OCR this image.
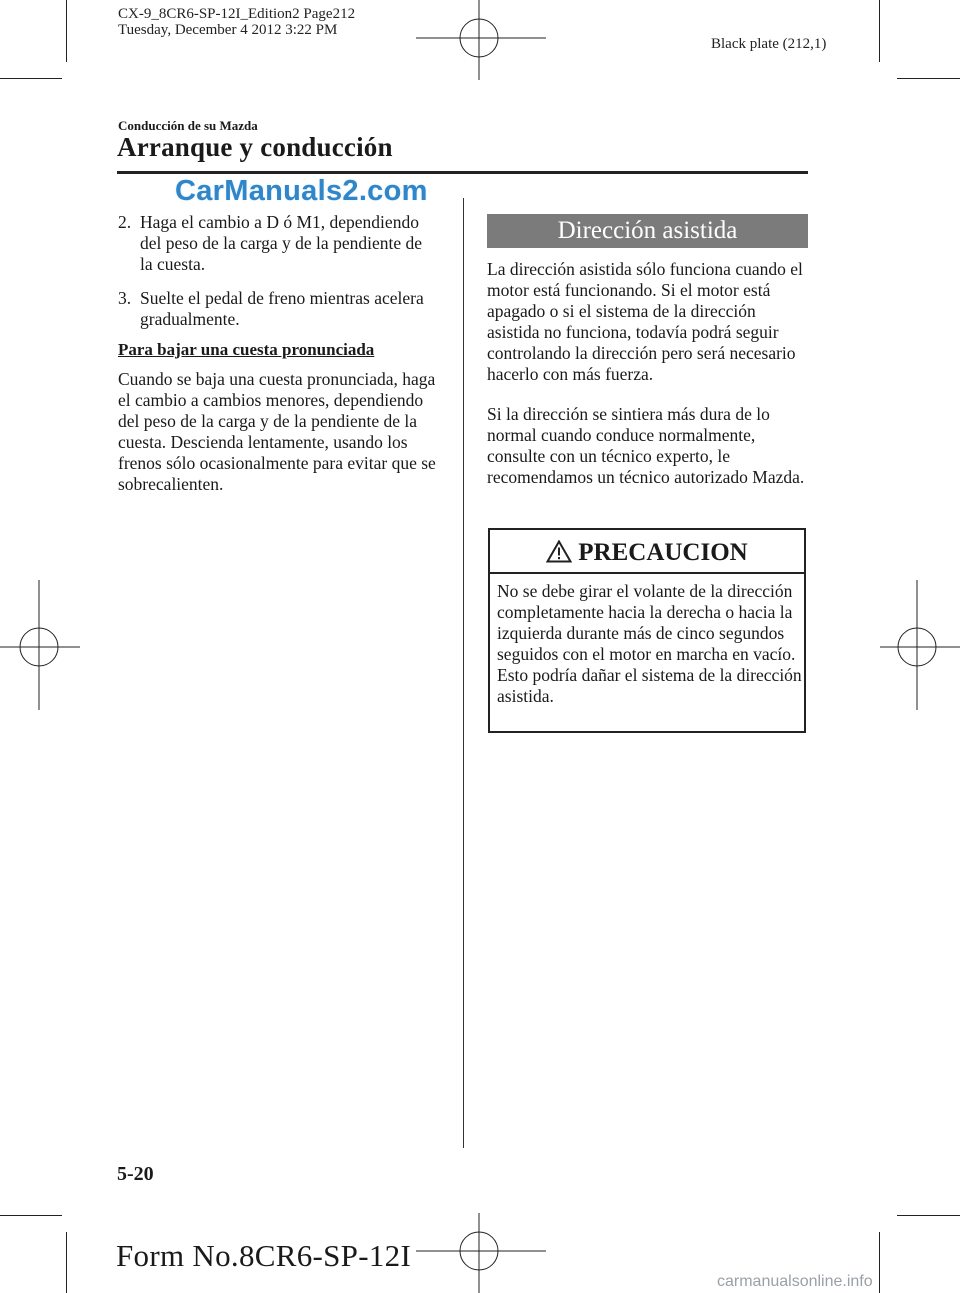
CX-9_8CR6-SP-12I_Edition2 Page212
Tuesday, December 4 2012 3:22 PM
Black plate (212,1)
Conducción de su Mazda
Arranque y conducción
CarManuals2.com
2. Haga el cambio a D ó M1, dependiendo del peso de la carga y de la pendiente de la cuesta.
3. Suelte el pedal de freno mientras acelera gradualmente.
Para bajar una cuesta pronunciada
Cuando se baja una cuesta pronunciada, haga el cambio a cambios menores, dependiendo del peso de la carga y de la pendiente de la cuesta. Descienda lentamente, usando los frenos sólo ocasionalmente para evitar que se sobrecalienten.
Dirección asistida
La dirección asistida sólo funciona cuando el motor está funcionando. Si el motor está apagado o si el sistema de la dirección asistida no funciona, todavía podrá seguir controlando la dirección pero será necesario hacerlo con más fuerza.
Si la dirección se sintiera más dura de lo normal cuando conduce normalmente, consulte con un técnico experto, le recomendamos un técnico autorizado Mazda.
PRECAUCION
No se debe girar el volante de la dirección completamente hacia la derecha o hacia la izquierda durante más de cinco segundos seguidos con el motor en marcha en vacío.
Esto podría dañar el sistema de la dirección asistida.
5-20
Form No.8CR6-SP-12I
carmanualsonline.info
